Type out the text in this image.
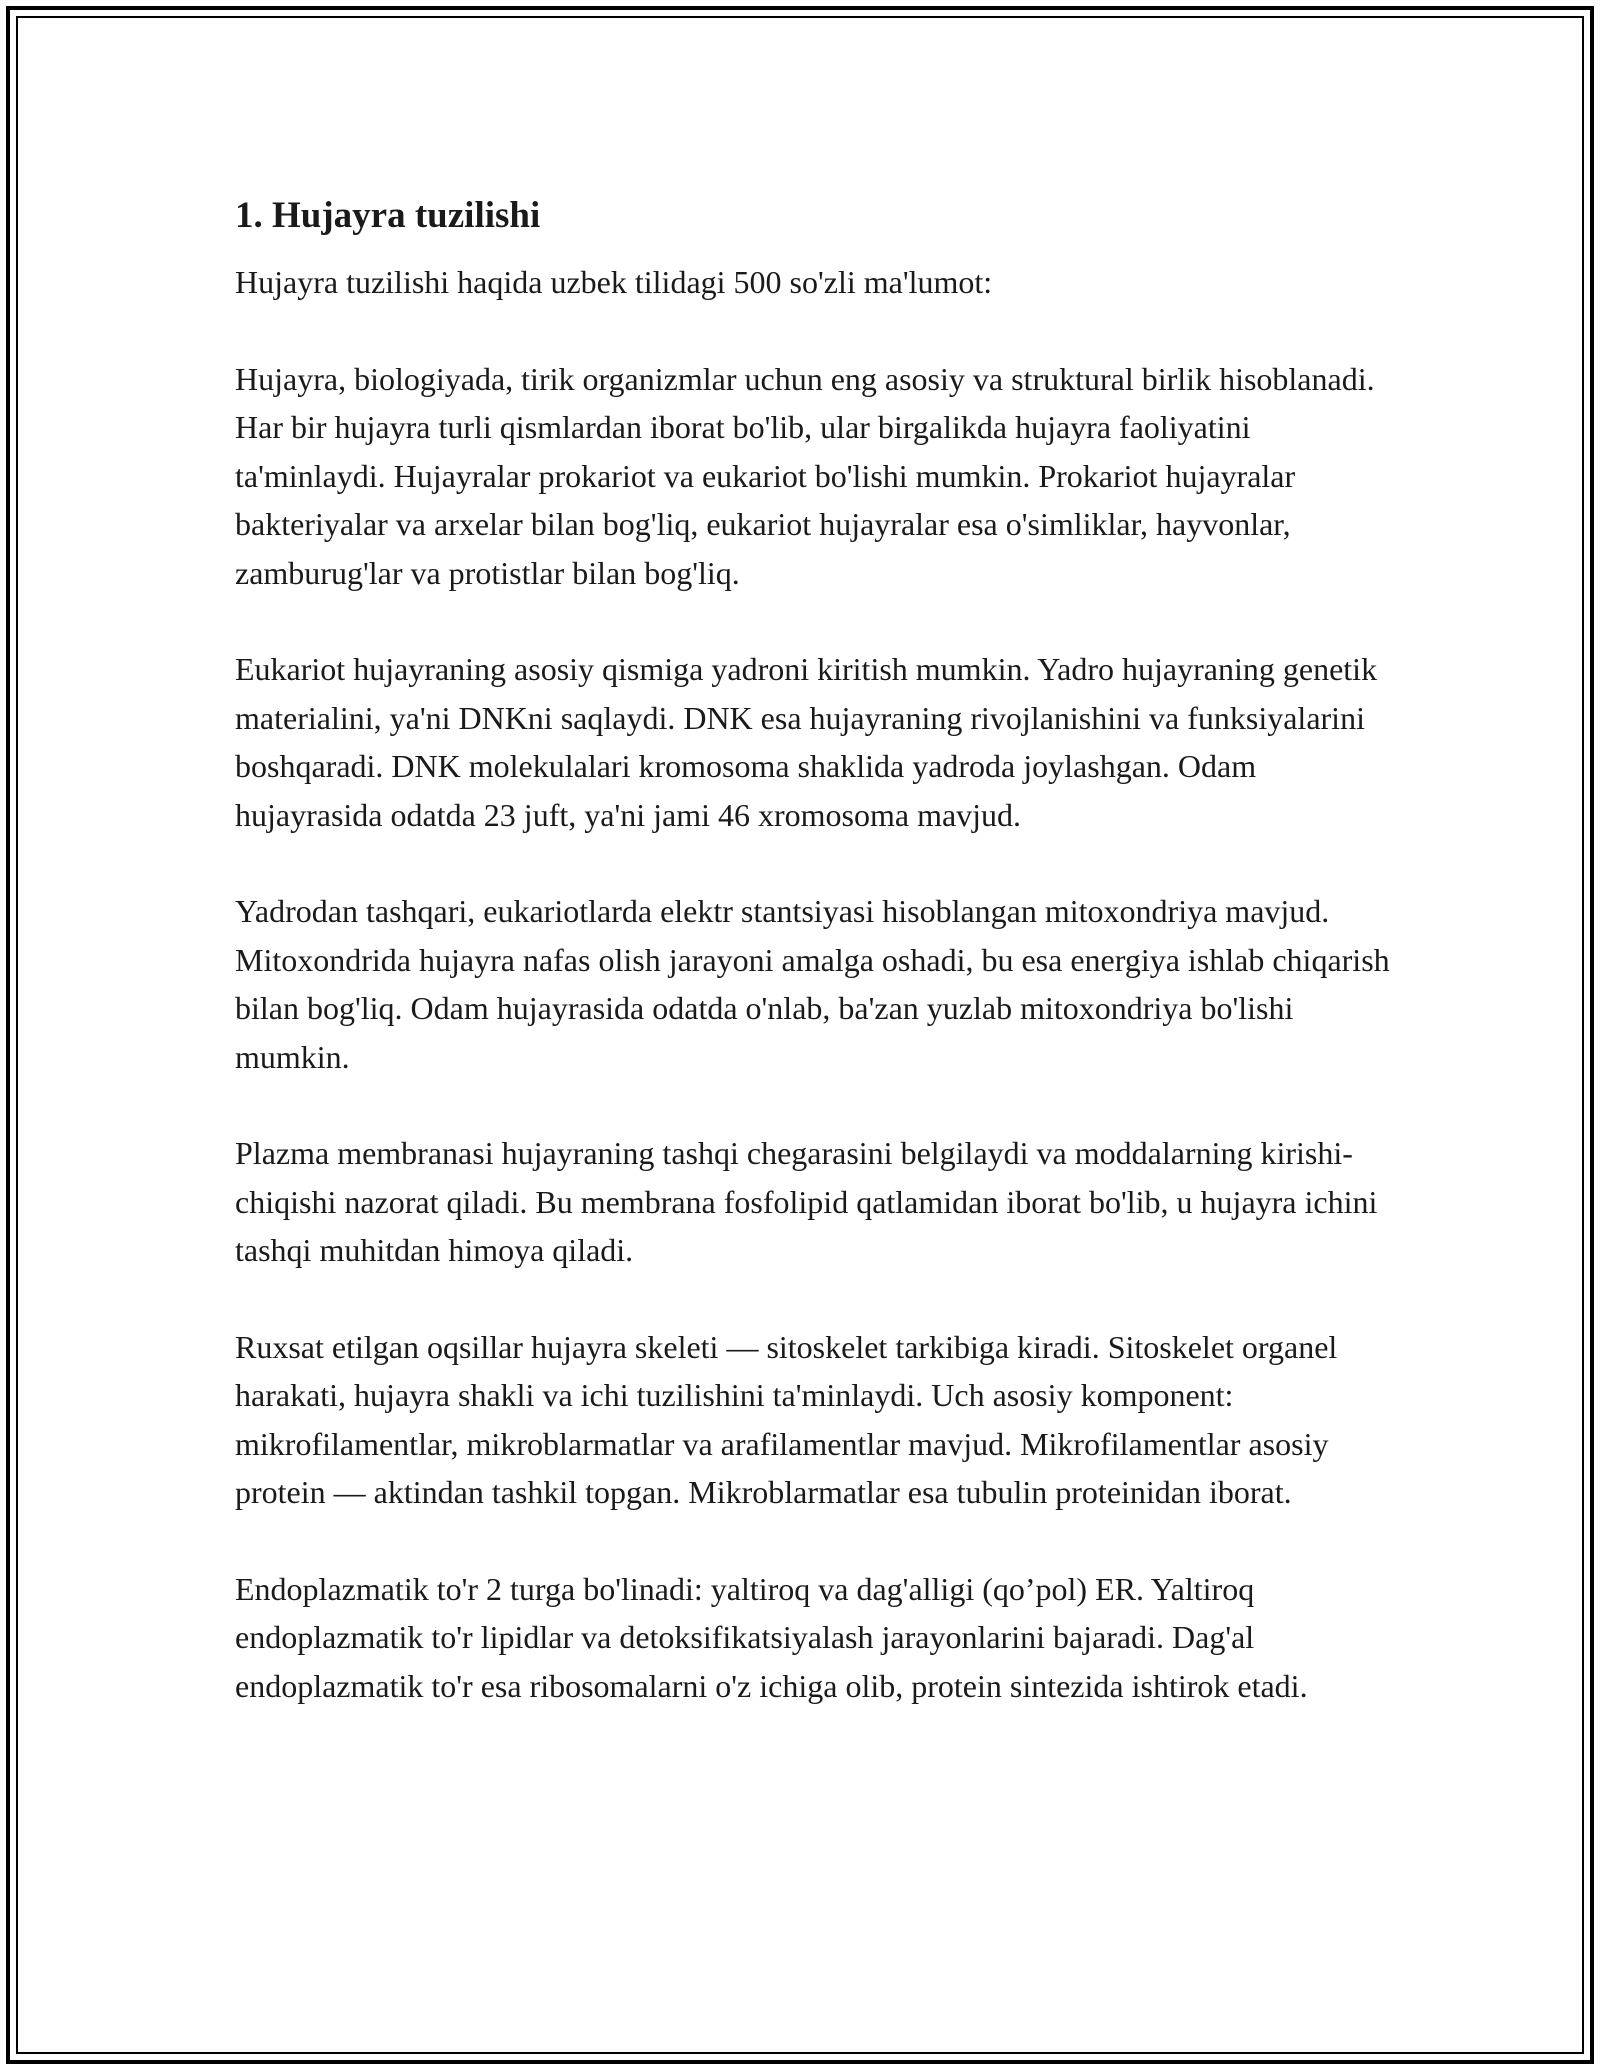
1. Hujayra tuzilishi

Hujayra tuzilishi haqida uzbek tilidagi 500 so'zli ma'lumot:

Hujayra, biologiyada, tirik organizmlar uchun eng asosiy va struktural birlik hisoblanadi. Har bir hujayra turli qismlardan iborat bo'lib, ular birgalikda hujayra faoliyatini ta'minlaydi. Hujayralar prokariot va eukariot bo'lishi mumkin. Prokariot hujayralar bakteriyalar va arxelar bilan bog'liq, eukariot hujayralar esa o'simliklar, hayvonlar, zamburug'lar va protistlar bilan bog'liq.

Eukariot hujayraning asosiy qismiga yadroni kiritish mumkin. Yadro hujayraning genetik materialini, ya'ni DNKni saqlaydi. DNK esa hujayraning rivojlanishini va funksiyalarini boshqaradi. DNK molekulalari kromosoma shaklida yadroda joylashgan. Odam hujayrasida odatda 23 juft, ya'ni jami 46 xromosoma mavjud.

Yadrodan tashqari, eukariotlarda elektr stantsiyasi hisoblangan mitoxondriya mavjud. Mitoxondrida hujayra nafas olish jarayoni amalga oshadi, bu esa energiya ishlab chiqarish bilan bog'liq. Odam hujayrasida odatda o'nlab, ba'zan yuzlab mitoxondriya bo'lishi mumkin.

Plazma membranasi hujayraning tashqi chegarasini belgilaydi va moddalarning kirishi-chiqishi nazorat qiladi. Bu membrana fosfolipid qatlamidan iborat bo'lib, u hujayra ichini tashqi muhitdan himoya qiladi.

Ruxsat etilgan oqsillar hujayra skeleti — sitoskelet tarkibiga kiradi. Sitoskelet organel harakati, hujayra shakli va ichi tuzilishini ta'minlaydi. Uch asosiy komponent: mikrofilamentlar, mikroblarmatlar va arafilamentlar mavjud. Mikrofilamentlar asosiy protein — aktindan tashkil topgan. Mikroblarmatlar esa tubulin proteinidan iborat.

Endoplazmatik to'r 2 turga bo'linadi: yaltiroq va dag'alligi (qo’pol) ER. Yaltiroq endoplazmatik to'r lipidlar va detoksifikatsiyalash jarayonlarini bajaradi. Dag'al endoplazmatik to'r esa ribosomalarni o'z ichiga olib, protein sintezida ishtirok etadi.
